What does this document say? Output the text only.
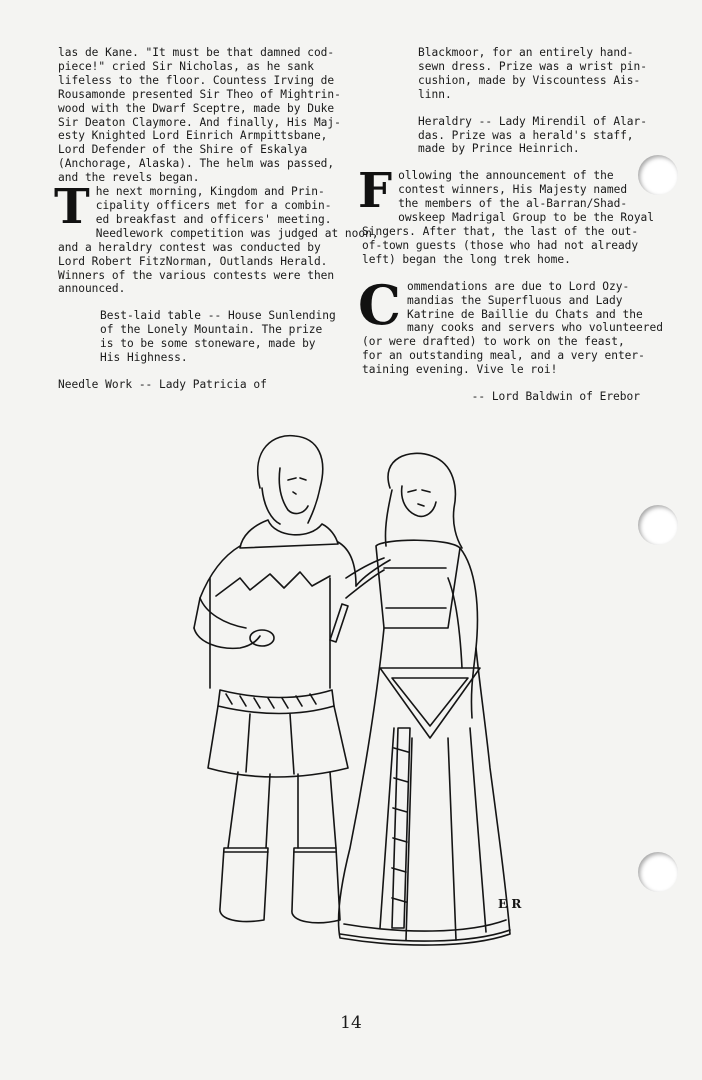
las de Kane. "It must be that damned cod-
piece!" cried Sir Nicholas, as he sank
lifeless to the floor. Countess Irving de
Rousamonde presented Sir Theo of Mightrin-
wood with the Dwarf Sceptre, made by Duke
Sir Deaton Claymore. And finally, His Maj-
esty Knighted Lord Einrich Armpittsbane,
Lord Defender of the Shire of Eskalya
(Anchorage, Alaska). The helm was passed,
and the revels began.
T he next morning, Kingdom and Prin-
cipality officers met for a combin-
ed breakfast and officers' meeting.
Needlework competition was judged at noon,
and a heraldry contest was conducted by
Lord Robert FitzNorman, Outlands Herald.
Winners of the various contests were then
announced.
Best-laid table -- House Sunlending
of the Lonely Mountain. The prize
is to be some stoneware, made by
His Highness.
Needle Work -- Lady Patricia of
Blackmoor, for an entirely hand-
sewn dress. Prize was a wrist pin-
cushion, made by Viscountess Ais-
linn.
Heraldry -- Lady Mirendil of Alar-
das. Prize was a herald's staff,
made by Prince Heinrich.
F ollowing the announcement of the
contest winners, His Majesty named
the members of the al-Barran/Shad-
owskeep Madrigal Group to be the Royal
Singers. After that, the last of the out-
of-town guests (those who had not already
left) began the long trek home.
C ommendations are due to Lord Ozy-
mandias the Superfluous and Lady
Katrine de Baillie du Chats and the
many cooks and servers who volunteered
(or were drafted) to work on the feast,
for an outstanding meal, and a very enter-
taining evening. Vive le roi!
-- Lord Baldwin of Erebor
E R
14
